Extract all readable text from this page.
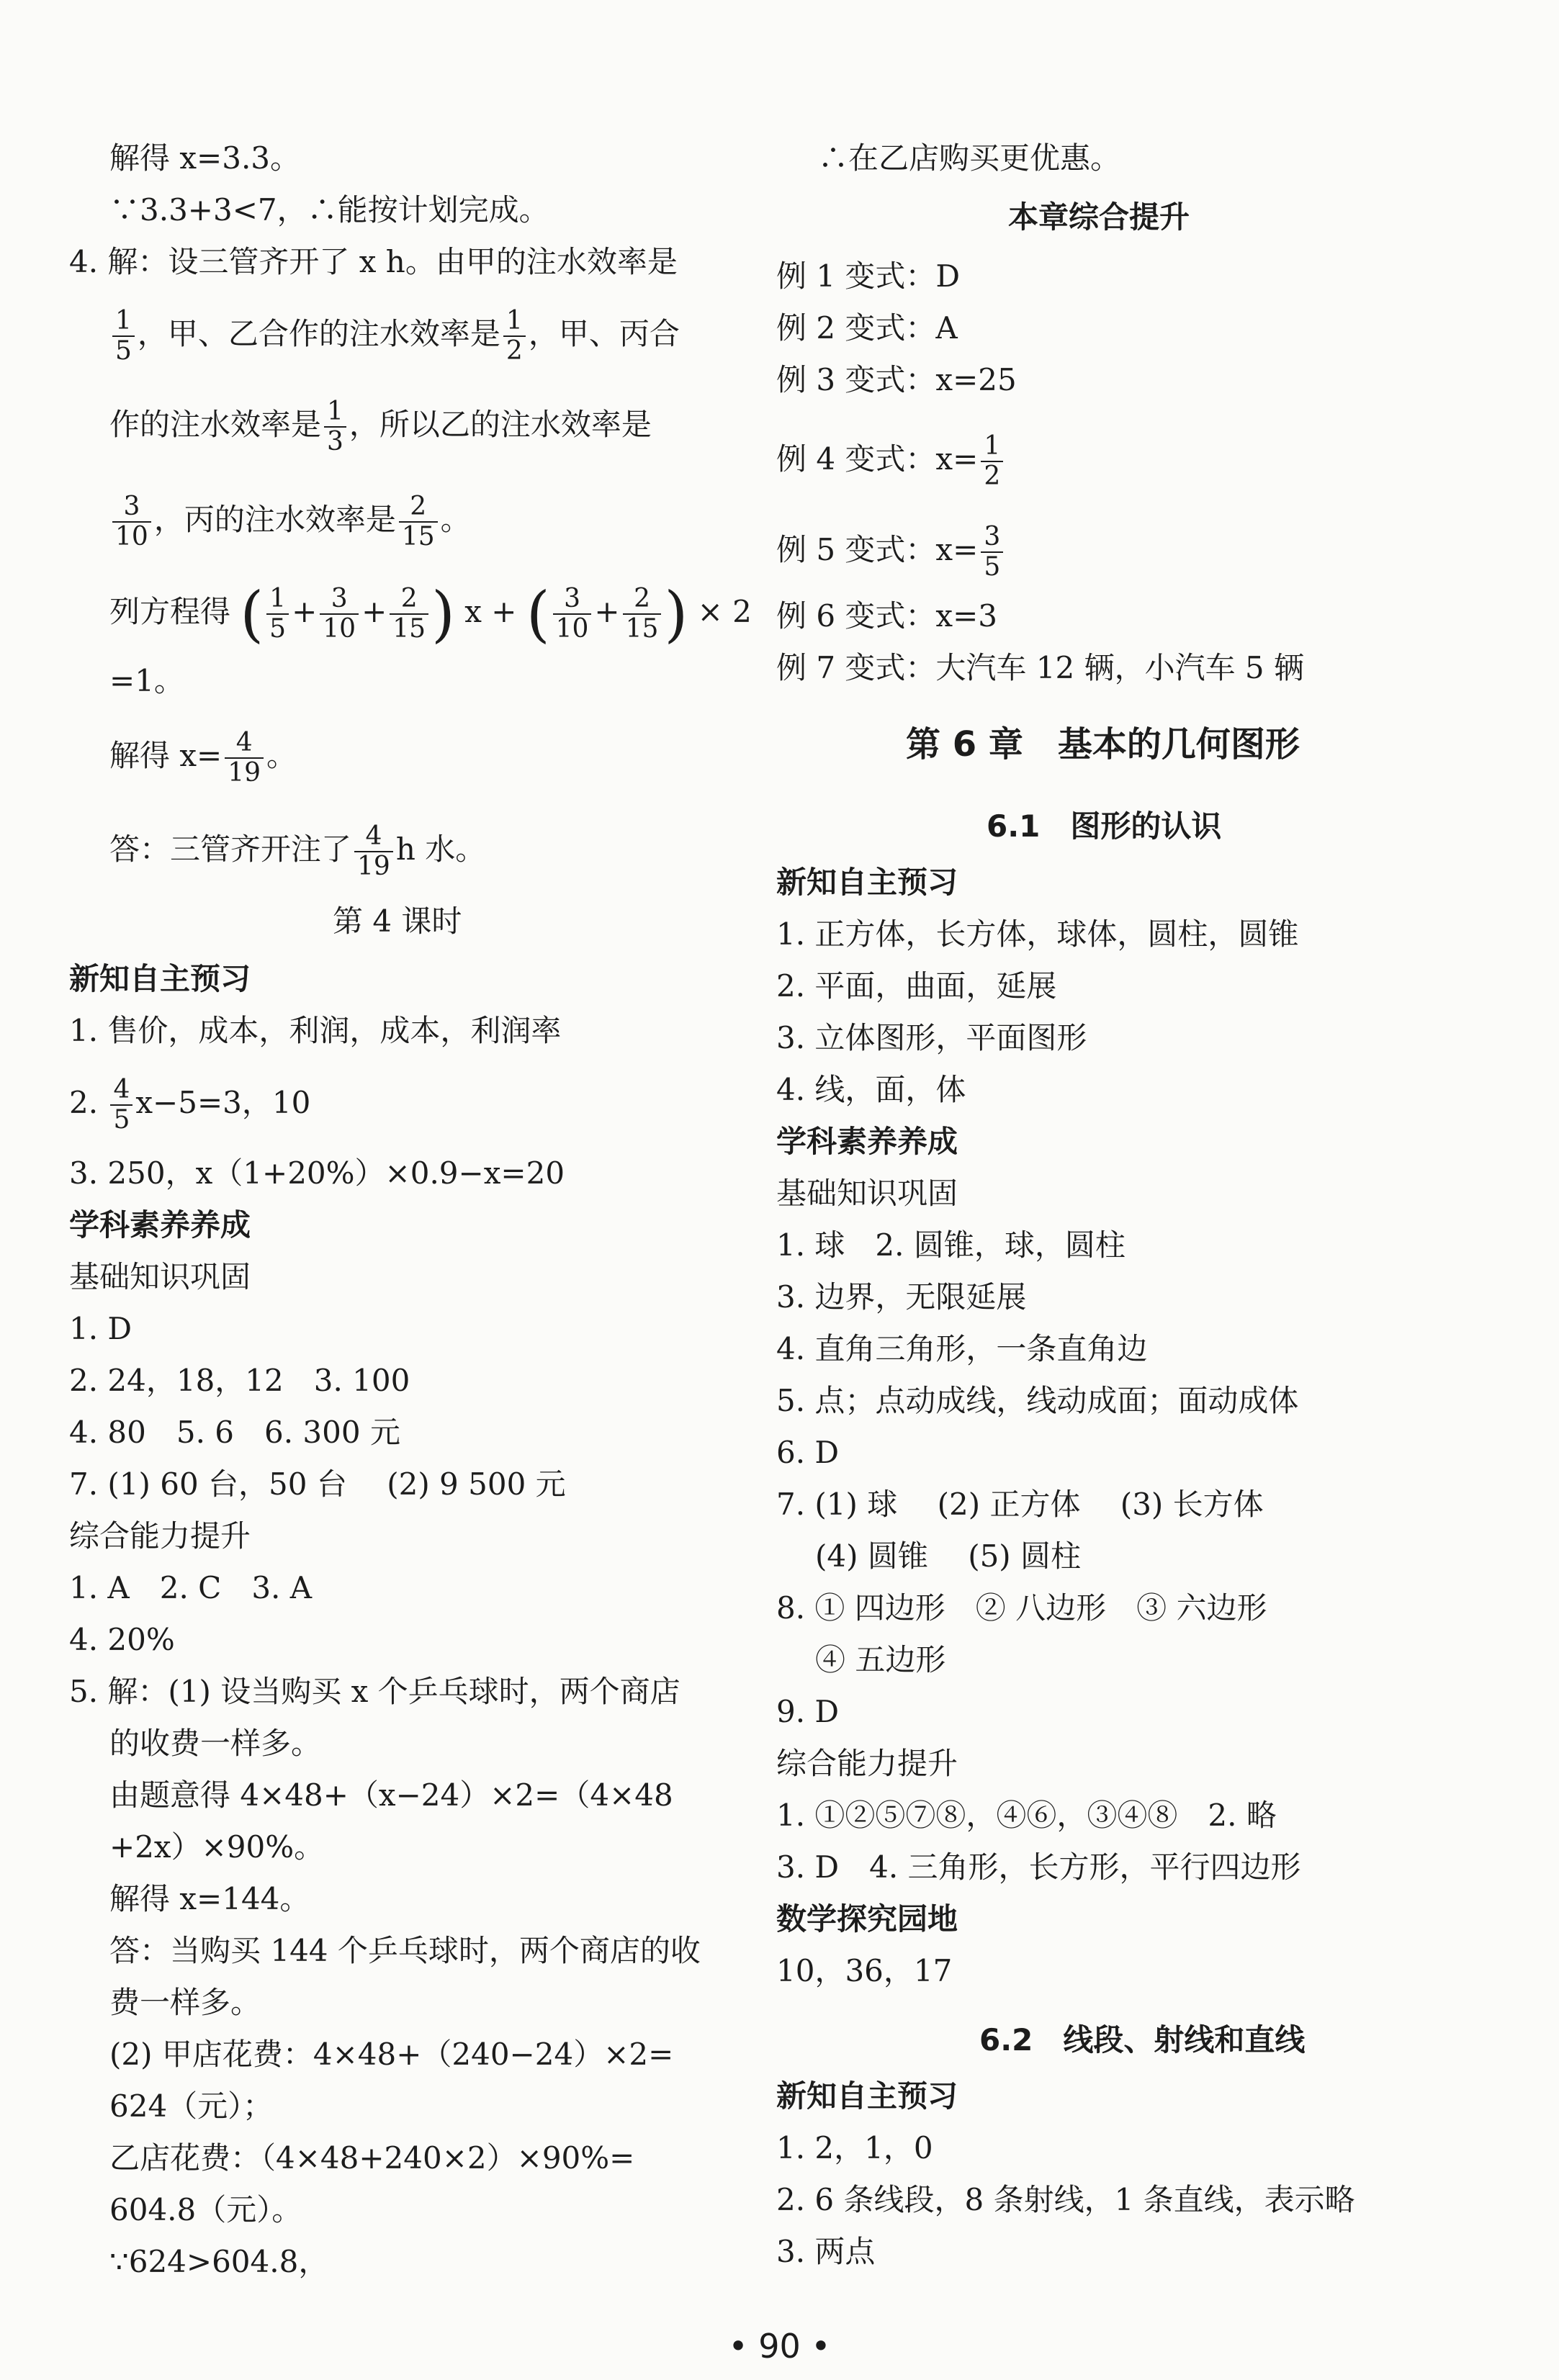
解得 x=3.3。
∵3.3+3<7，∴能按计划完成。
4. 解：设三管齐开了 x h。由甲的注水效率是
$\frac{1}{5}$ ，甲、乙合作的注水效率是 $\frac{1}{2}$ ，甲、丙合
作的注水效率是 $\frac{1}{3}$ ，所以乙的注水效率是
$\frac{3}{10}$ ，丙的注水效率是 $\frac{2}{15}$ 。
列方程得 ( $\frac{1}{5} + \frac{3}{10} + \frac{2}{15}$ ) x + ( $\frac{3}{10} + \frac{2}{15}$ ) × 2
=1。
解得 $x= \frac{4}{19}$ 。
答：三管齐开注了 $\frac{4}{19}$ h 水。
第 4 课时
新知自主预习
1. 售价，成本，利润，成本，利润率
2. $\frac{4}{5} x-5=3$，10
3. 250，x（1+20%）×0.9−x=20
学科素养养成
基础知识巩固
1. D
2. 24，18，12　3. 100
4. 80　5. 6　6. 300 元
7. (1) 60 台，50 台　 (2) 9 500 元
综合能力提升
1. A　2. C　3. A
4. 20%
5. 解：(1) 设当购买 x 个乒乓球时，两个商店
的收费一样多。
由题意得 4×48+（x−24）×2=（4×48
+2x）×90%。
解得 x=144。
答：当购买 144 个乒乓球时，两个商店的收
费一样多。
(2) 甲店花费：4×48+（240−24）×2=
624（元）；
乙店花费：（4×48+240×2）×90%=
604.8（元）。
∵624>604.8，
∴在乙店购买更优惠。
本章综合提升
例 1 变式：D
例 2 变式：A
例 3 变式：x=25
例 4 变式：$x= \frac{1}{2}$
例 5 变式：$x= \frac{3}{5}$
例 6 变式：x=3
例 7 变式：大汽车 12 辆，小汽车 5 辆
第 6 章　基本的几何图形
6.1　图形的认识
新知自主预习
1. 正方体，长方体，球体，圆柱，圆锥
2. 平面，曲面，延展
3. 立体图形，平面图形
4. 线，面，体
学科素养养成
基础知识巩固
1. 球　2. 圆锥，球，圆柱
3. 边界，无限延展
4. 直角三角形，一条直角边
5. 点；点动成线，线动成面；面动成体
6. D
7. (1) 球　 (2) 正方体　 (3) 长方体
(4) 圆锥　 (5) 圆柱
8. ① 四边形　② 八边形　③ 六边形
④ 五边形
9. D
综合能力提升
1. ①②⑤⑦⑧，④⑥，③④⑧　2. 略
3. D　4. 三角形，长方形，平行四边形
数学探究园地
10，36，17
6.2　线段、射线和直线
新知自主预习
1. 2，1，0
2. 6 条线段，8 条射线，1 条直线，表示略
3. 两点
• 90 •
